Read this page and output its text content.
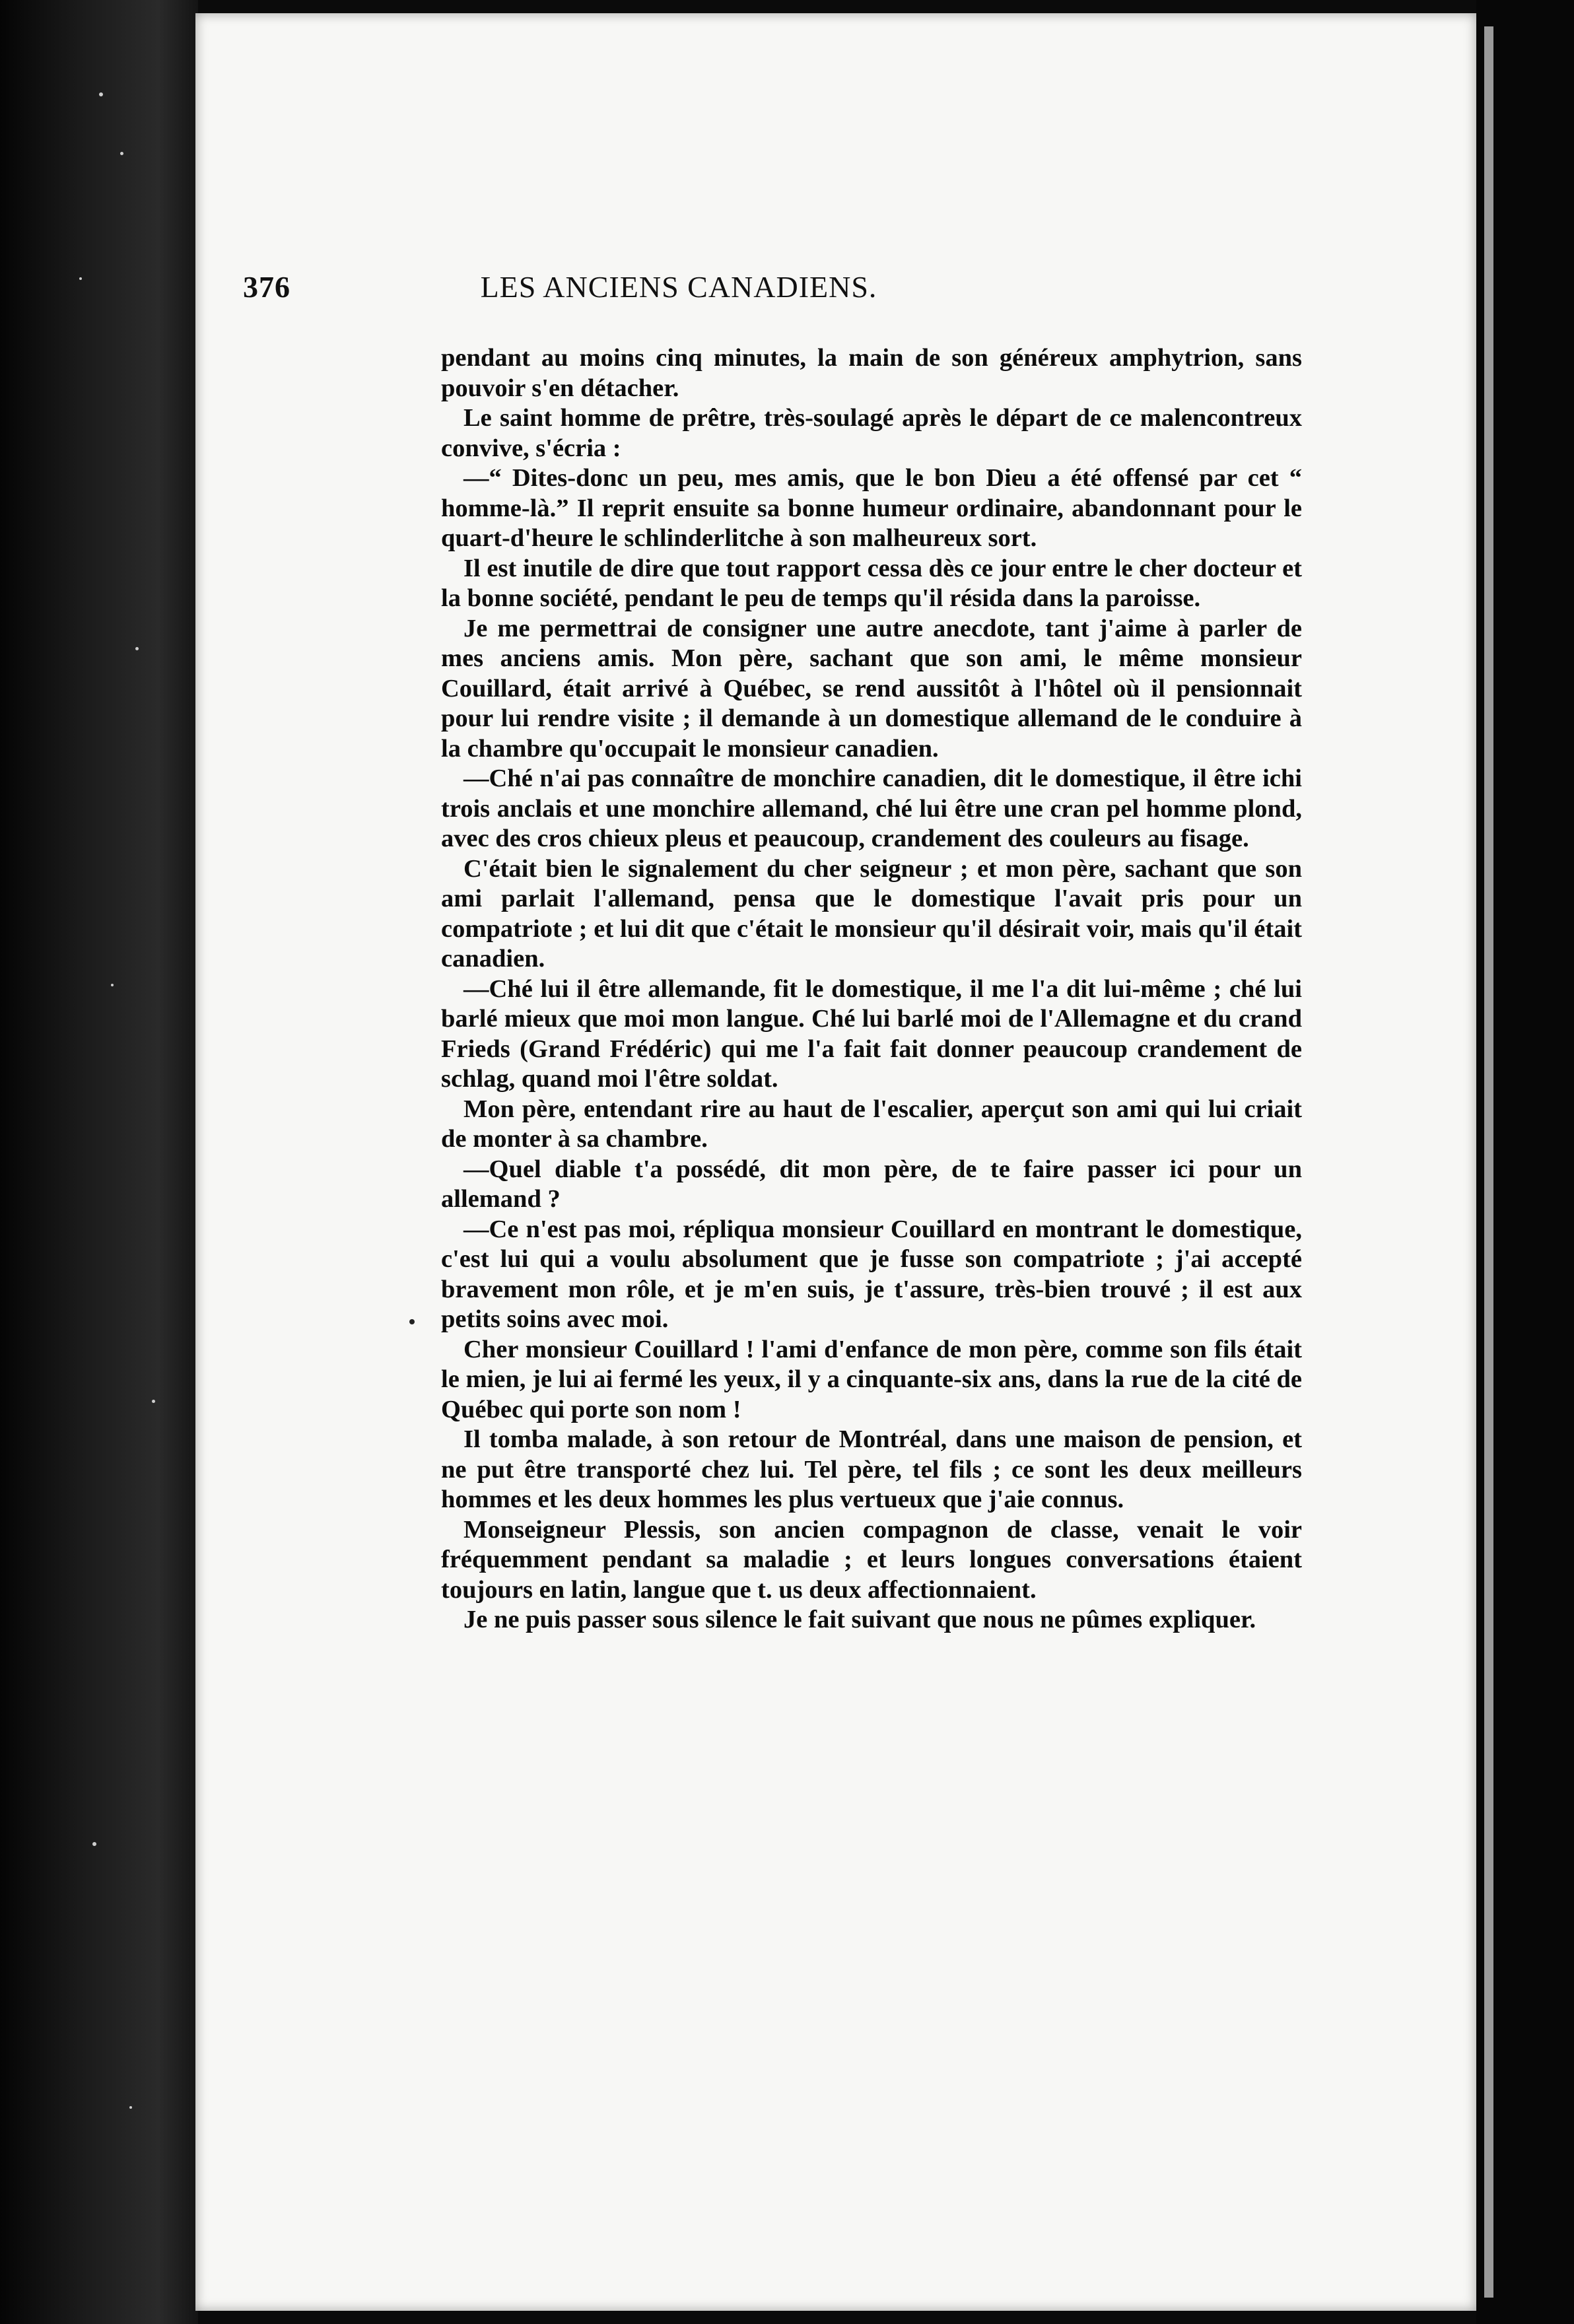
376	LES ANCIENS CANADIENS.

pendant au moins cinq minutes, la main de son généreux amphytrion, sans pouvoir s'en détacher.

Le saint homme de prêtre, très-soulagé après le départ de ce malencontreux convive, s'écria :

—“ Dites-donc un peu, mes amis, que le bon Dieu a été offensé par cet “ homme-là.” Il reprit ensuite sa bonne humeur ordinaire, abandonnant pour le quart-d'heure le schlinderlitche à son malheureux sort.

Il est inutile de dire que tout rapport cessa dès ce jour entre le cher docteur et la bonne société, pendant le peu de temps qu'il résida dans la paroisse.

Je me permettrai de consigner une autre anecdote, tant j'aime à parler de mes anciens amis. Mon père, sachant que son ami, le même monsieur Couillard, était arrivé à Québec, se rend aussitôt à l'hôtel où il pensionnait pour lui rendre visite ; il demande à un domestique allemand de le conduire à la chambre qu'occupait le monsieur canadien.

—Ché n'ai pas connaître de monchire canadien, dit le domestique, il être ichi trois anclais et une monchire allemand, ché lui être une cran pel homme plond, avec des cros chieux pleus et peaucoup, crandement des couleurs au fisage.

C'était bien le signalement du cher seigneur ; et mon père, sachant que son ami parlait l'allemand, pensa que le domestique l'avait pris pour un compatriote ; et lui dit que c'était le monsieur qu'il désirait voir, mais qu'il était canadien.

—Ché lui il être allemande, fit le domestique, il me l'a dit lui-même ; ché lui barlé mieux que moi mon langue. Ché lui barlé moi de l'Allemagne et du crand Frieds (Grand Frédéric) qui me l'a fait fait donner peaucoup crandement de schlag, quand moi l'être soldat.

Mon père, entendant rire au haut de l'escalier, aperçut son ami qui lui criait de monter à sa chambre.

—Quel diable t'a possédé, dit mon père, de te faire passer ici pour un allemand ?

—Ce n'est pas moi, répliqua monsieur Couillard en montrant le domestique, c'est lui qui a voulu absolument que je fusse son compatriote ; j'ai accepté bravement mon rôle, et je m'en suis, je t'assure, très-bien trouvé ; il est aux petits soins avec moi.

Cher monsieur Couillard ! l'ami d'enfance de mon père, comme son fils était le mien, je lui ai fermé les yeux, il y a cinquante-six ans, dans la rue de la cité de Québec qui porte son nom !

Il tomba malade, à son retour de Montréal, dans une maison de pension, et ne put être transporté chez lui. Tel père, tel fils ; ce sont les deux meilleurs hommes et les deux hommes les plus vertueux que j'aie connus.

Monseigneur Plessis, son ancien compagnon de classe, venait le voir fréquemment pendant sa maladie ; et leurs longues conversations étaient toujours en latin, langue que t. us deux affectionnaient.

Je ne puis passer sous silence le fait suivant que nous ne pûmes expliquer.
